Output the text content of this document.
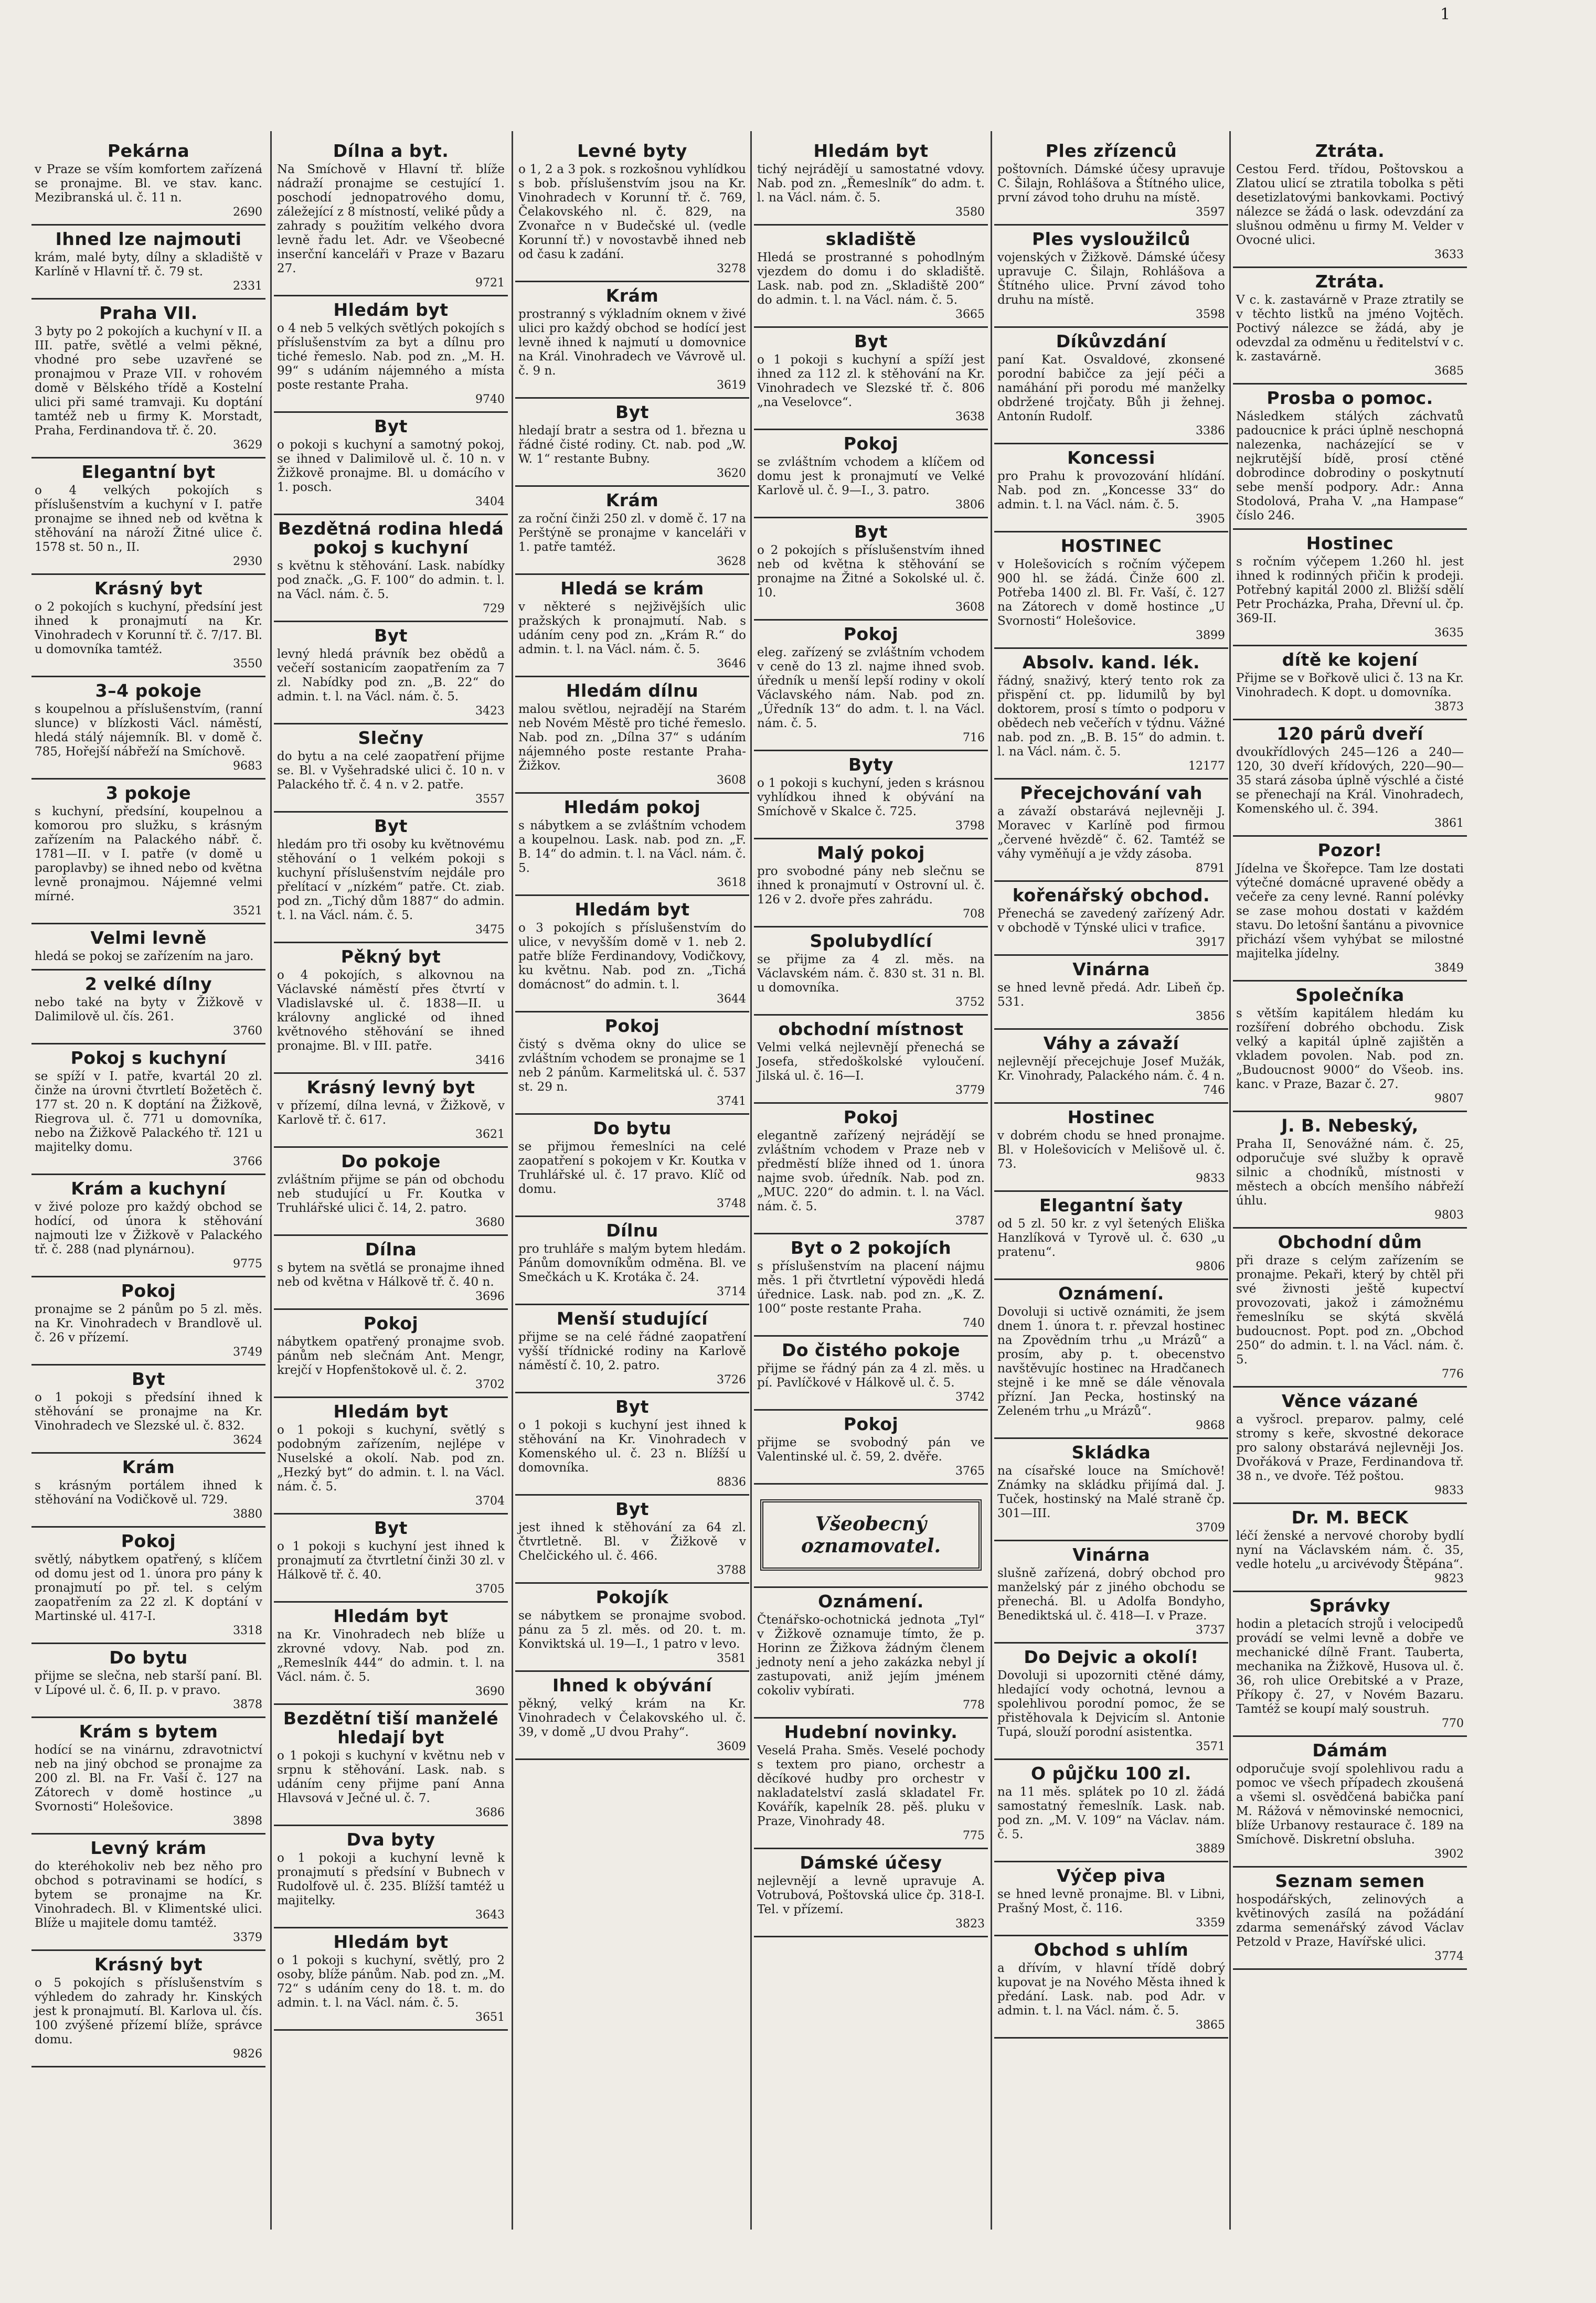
1
Pekárna

v Praze se vším komfortem zařízená se pronajme. Bl. ve stav. kanc. Mezibranská ul. č. 11 n.

2690
Ihned lze najmouti

krám, malé byty, dílny a skladiště v Karlíně v Hlavní tř. č. 79 st.

2331
Praha VII.

3 byty po 2 pokojích a kuchyní v II. a III. patře, světlé a velmi pěkné, vhodné pro sebe uzavřené se pronajmou v Praze VII. v rohovém domě v Bělského třídě a Kostelní ulici při samé tramvaji. Ku doptání tamtéž neb u firmy K. Morstadt, Praha, Ferdinandova tř. č. 20.

3629
Elegantní byt

o 4 velkých pokojích s příslušenstvím a kuchyní v I. patře pronajme se ihned neb od května k stěhování na nároží Žitné ulice č. 1578 st. 50 n., II.

2930
Krásný byt

o 2 pokojích s kuchyní, předsíní jest ihned k pronajmutí na Kr. Vinohradech v Korunní tř. č. 7/17. Bl. u domovníka tamtéž.

3550
3–4 pokoje

s koupelnou a příslušenstvím, (ranní slunce) v blízkosti Václ. náměstí, hledá stálý nájemník. Bl. v domě č. 785, Hořejší nábřeží na Smíchově.

9683
3 pokoje

s kuchyní, předsíní, koupelnou a komorou pro služku, s krásným zařízením na Palackého nábř. č. 1781—II. v I. patře (v domě u paroplavby) se ihned nebo od května levně pronajmou. Nájemné velmi mírné.

3521
Velmi levně

hledá se pokoj se zařízením na jaro.

2 velké dílny

nebo také na byty v Žižkově v Dalimilově ul. čís. 261.

3760
Pokoj s kuchyní

se spíží v I. patře, kvartál 20 zl. činže na úrovni čtvrtletí Božetěch č. 177 st. 20 n. K doptání na Žižkově, Riegrova ul. č. 771 u domovníka, nebo na Žižkově Palackého tř. 121 u majitelky domu.

3766
Krám a kuchyní

v živé poloze pro každý obchod se hodící, od února k stěhování najmouti lze v Žižkově v Palackého tř. č. 288 (nad plynárnou).

9775
Pokoj

pronajme se 2 pánům po 5 zl. měs. na Kr. Vinohradech v Brandlově ul. č. 26 v přízemí.

3749
Byt

o 1 pokoji s předsíní ihned k stěhování se pronajme na Kr. Vinohradech ve Slezské ul. č. 832.

3624
Krám

s krásným portálem ihned k stěhování na Vodičkově ul. 729.

3880
Pokoj

světlý, nábytkem opatřený, s klíčem od domu jest od 1. února pro pány k pronajmutí po př. tel. s celým zaopatřením za 22 zl. K doptání v Martinské ul. 417-I.

3318
Do bytu

přijme se slečna, neb starší paní. Bl. v Lípové ul. č. 6, II. p. v pravo.

3878
Krám s bytem

hodící se na vinárnu, zdravotnictví neb na jiný obchod se pronajme za 200 zl. Bl. na Fr. Vaší č. 127 na Zátorech v domě hostince „u Svornosti“ Holešovice.

3898
Levný krám

do kteréhokoliv neb bez něho pro obchod s potravinami se hodící, s bytem se pronajme na Kr. Vinohradech. Bl. v Klimentské ulici. Blíže u majitele domu tamtéž.

3379
Krásný byt

o 5 pokojích s příslušenstvím s výhledem do zahrady hr. Kinských jest k pronajmutí. Bl. Karlova ul. čís. 100 zvýšené přízemí blíže, správce domu.

9826
Dílna a byt.

Na Smíchově v Hlavní tř. blíže nádraží pronajme se cestující 1. poschodí jednopatrového domu, záležející z 8 místností, veliké půdy a zahrady s použitím velkého dvora levně řadu let. Adr. ve Všeobecné inserční kanceláři v Praze v Bazaru 27.

9721
Hledám byt

o 4 neb 5 velkých světlých pokojích s příslušenstvím za byt a dílnu pro tiché řemeslo. Nab. pod zn. „M. H. 99“ s udáním nájemného a místa poste restante Praha.

9740
Byt

o pokoji s kuchyní a samotný pokoj, se ihned v Dalimilově ul. č. 10 n. v Žižkově pronajme. Bl. u domácího v 1. posch.

3404
Bezdětná rodina hledá pokoj s kuchyní

s květnu k stěhování. Lask. nabídky pod značk. „G. F. 100“ do admin. t. l. na Václ. nám. č. 5.

729
Byt

levný hledá právník bez obědů a večeří sostanicím zaopatřením za 7 zl. Nabídky pod zn. „B. 22“ do admin. t. l. na Václ. nám. č. 5.

3423
Slečny

do bytu a na celé zaopatření přijme se. Bl. v Vyšehradské ulici č. 10 n. v Palackého tř. č. 4 n. v 2. patře.

3557
Byt

hledám pro tři osoby ku květnovému stěhování o 1 velkém pokoji s kuchyní příslušenstvím nejdále pro přelítací v „nízkém“ patře. Ct. ziab. pod zn. „Tichý dům 1887“ do admin. t. l. na Václ. nám. č. 5.

3475
Pěkný byt

o 4 pokojích, s alkovnou na Václavské náměstí přes čtvrtí v Vladislavské ul. č. 1838—II. u královny anglické od ihned květnového stěhování se ihned pronajme. Bl. v III. patře.

3416
Krásný levný byt

v přízemí, dílna levná, v Žižkově, v Karlově tř. č. 617.

3621
Do pokoje

zvláštním přijme se pán od obchodu neb studující u Fr. Koutka v Truhlářské ulici č. 14, 2. patro.

3680
Dílna

s bytem na světlá se pronajme ihned neb od května v Hálkově tř. č. 40 n.

3696
Pokoj

nábytkem opatřený pronajme svob. pánům neb slečnám Ant. Mengr, krejčí v Hopfenštokově ul. č. 2.

3702
Hledám byt

o 1 pokoji s kuchyní, světlý s podobným zařízením, nejlépe v Nuselské a okolí. Nab. pod zn. „Hezký byt“ do admin. t. l. na Václ. nám. č. 5.

3704
Byt

o 1 pokoji s kuchyní jest ihned k pronajmutí za čtvrtletní činži 30 zl. v Hálkově tř. č. 40.

3705
Hledám byt

na Kr. Vinohradech neb blíže u zkrovné vdovy. Nab. pod zn. „Remeslník 444“ do admin. t. l. na Václ. nám. č. 5.

3690
Bezdětní tiší manželé hledají byt

o 1 pokoji s kuchyní v květnu neb v srpnu k stěhování. Lask. nab. s udáním ceny přijme paní Anna Hlavsová v Ječné ul. č. 7.

3686
Dva byty

o 1 pokoji a kuchyní levně k pronajmutí s předsíní v Bubnech v Rudolfově ul. č. 235. Blížší tamtéž u majitelky.

3643
Hledám byt

o 1 pokoji s kuchyní, světlý, pro 2 osoby, blíže pánům. Nab. pod zn. „M. 72“ s udáním ceny do 18. t. m. do admin. t. l. na Václ. nám. č. 5.

3651
Levné byty

o 1, 2 a 3 pok. s rozkošnou vyhlídkou s bob. příslušenstvím jsou na Kr. Vinohradech v Korunní tř. č. 769, Čelakovského nl. č. 829, na Zvonařce n v Budečské ul. (vedle Korunní tř.) v novostavbě ihned neb od času k zadání.

3278
Krám

prostranný s výkladním oknem v živé ulici pro každý obchod se hodící jest levně ihned k najmutí u domovnice na Král. Vinohradech ve Vávrově ul. č. 9 n.

3619
Byt

hledají bratr a sestra od 1. března u řádné čisté rodiny. Ct. nab. pod „W. W. 1“ restante Bubny.

3620
Krám

za roční činži 250 zl. v domě č. 17 na Perštýně se pronajme v kanceláři v 1. patře tamtéž.

3628
Hledá se krám

v některé s nejživějších ulic pražských k pronajmutí. Nab. s udáním ceny pod zn. „Krám R.“ do admin. t. l. na Václ. nám. č. 5.

3646
Hledám dílnu

malou světlou, nejradějí na Starém neb Novém Městě pro tiché řemeslo. Nab. pod zn. „Dílna 37“ s udáním nájemného poste restante Praha-Žižkov.

3608
Hledám pokoj

s nábytkem a se zvláštním vchodem a koupelnou. Lask. nab. pod zn. „F. B. 14“ do admin. t. l. na Václ. nám. č. 5.

3618
Hledám byt

o 3 pokojích s příslušenstvím do ulice, v nevyšším domě v 1. neb 2. patře blíže Ferdinandovy, Vodičkovy, ku květnu. Nab. pod zn. „Tichá domácnost“ do admin. t. l.

3644
Pokoj

čistý s dvěma okny do ulice se zvláštním vchodem se pronajme se 1 neb 2 pánům. Karmelitská ul. č. 537 st. 29 n.

3741
Do bytu

se přijmou řemeslníci na celé zaopatření s pokojem v Kr. Koutka v Truhlářské ul. č. 17 pravo. Klíč od domu.

3748
Dílnu

pro truhláře s malým bytem hledám. Pánům domovníkům odměna. Bl. ve Smečkách u K. Krotáka č. 24.

3714
Menší studující

přijme se na celé řádné zaopatření vyšší třídnické rodiny na Karlově náměstí č. 10, 2. patro.

3726
Byt

o 1 pokoji s kuchyní jest ihned k stěhování na Kr. Vinohradech v Komenského ul. č. 23 n. Blížší u domovníka.

8836
Byt

jest ihned k stěhování za 64 zl. čtvrtletně. Bl. v Žižkově v Chelčického ul. č. 466.

3788
Pokojík

se nábytkem se pronajme svobod. pánu za 5 zl. měs. od 20. t. m. Konviktská ul. 19—I., 1 patro v levo.

3581
Ihned k obývání

pěkný, velký krám na Kr. Vinohradech v Čelakovského ul. č. 39, v domě „U dvou Prahy“.

3609
Hledám byt

tichý nejrádějí u samostatné vdovy. Nab. pod zn. „Řemeslník“ do adm. t. l. na Václ. nám. č. 5.

3580
skladiště

Hledá se prostranné s pohodlným vjezdem do domu i do skladiště. Lask. nab. pod zn. „Skladiště 200“ do admin. t. l. na Václ. nám. č. 5.

3665
Byt

o 1 pokoji s kuchyní a spíží jest ihned za 112 zl. k stěhování na Kr. Vinohradech ve Slezské tř. č. 806 „na Veselovce“.

3638
Pokoj

se zvláštním vchodem a klíčem od domu jest k pronajmutí ve Velké Karlově ul. č. 9—I., 3. patro.

3806
Byt

o 2 pokojích s příslušenstvím ihned neb od května k stěhování se pronajme na Žitné a Sokolské ul. č. 10.

3608
Pokoj

eleg. zařízený se zvláštním vchodem v ceně do 13 zl. najme ihned svob. úředník u menší lepší rodiny v okolí Václavského nám. Nab. pod zn. „Úředník 13“ do adm. t. l. na Václ. nám. č. 5.

716
Byty

o 1 pokoji s kuchyní, jeden s krásnou vyhlídkou ihned k obývání na Smíchově v Skalce č. 725.

3798
Malý pokoj

pro svobodné pány neb slečnu se ihned k pronajmutí v Ostrovní ul. č. 126 v 2. dvoře přes zahrádu.

708
Spolubydlící

se přijme za 4 zl. měs. na Václavském nám. č. 830 st. 31 n. Bl. u domovníka.

3752
obchodní místnost

Velmi velká nejlevnějí přenechá se Josefa, středoškolské vyloučení. Jilská ul. č. 16—I.

3779
Pokoj

elegantně zařízený nejrádějí se zvláštním vchodem v Praze neb v předměstí blíže ihned od 1. února najme svob. úředník. Nab. pod zn. „MUC. 220“ do admin. t. l. na Václ. nám. č. 5.

3787
Byt o 2 pokojích

s příslušenstvím na placení nájmu měs. 1 při čtvrtletní výpovědi hledá úřednice. Lask. nab. pod zn. „K. Z. 100“ poste restante Praha.

740
Do čistého pokoje

přijme se řádný pán za 4 zl. měs. u pí. Pavlíčkové v Hálkově ul. č. 5.

3742
Pokoj

přijme se svobodný pán ve Valentinské ul. č. 59, 2. dvěře.

3765
Všeobecný oznamovatel.
Oznámení.

Čtenářsko-ochotnická jednota „Tyl“ v Žižkově oznamuje tímto, že p. Horinn ze Žižkova žádným členem jednoty není a jeho zakázka nebyl jí zastupovati, aniž jejím jménem cokoliv vybírati.

778
Hudební novinky.

Veselá Praha. Směs. Veselé pochody s textem pro piano, orchestr a děcíkové hudby pro orchestr v nakladatelství zaslá skladatel Fr. Kovářík, kapelník 28. pěš. pluku v Praze, Vinohrady 48.

775
Dámské účesy

nejlevnějí a levně upravuje A. Votrubová, Poštovská ulice čp. 318-I. Tel. v přízemí.

3823
Ples zřízenců

poštovních. Dámské účesy upravuje C. Šilajn, Rohlášova a Štítného ulice, první závod toho druhu na místě.

3597
Ples vysloužilců

vojenských v Žižkově. Dámské účesy upravuje C. Šilajn, Rohlášova a Štítného ulice. První závod toho druhu na místě.

3598
Díkůvzdání

paní Kat. Osvaldové, zkonsené porodní babičce za její péči a namáhání při porodu mé manželky obdržené trojčaty. Bůh ji žehnej. Antonín Rudolf.

3386
Koncessi

pro Prahu k provozování hlídání. Nab. pod zn. „Koncesse 33“ do admin. t. l. na Václ. nám. č. 5.

3905
HOSTINEC

v Holešovicích s ročním výčepem 900 hl. se žádá. Činže 600 zl. Potřeba 1400 zl. Bl. Fr. Vaší, č. 127 na Zátorech v domě hostince „U Svornosti“ Holešovice.

3899
Absolv. kand. lék.

řádný, snaživý, který tento rok za přispění ct. pp. lidumilů by byl doktorem, prosí s tímto o podporu v obědech neb večeřích v týdnu. Vážné nab. pod zn. „B. B. 15“ do admin. t. l. na Václ. nám. č. 5.

12177
Přecejchování vah

a závaží obstarává nejlevněji J. Moraveс v Karlíně pod firmou „červené hvězdě“ č. 62. Tamtéž se váhy vyměňují a je vždy zásoba.

8791
kořenářský obchod.

Přenechá se zavedený zařízený Adr. v obchodě v Týnské ulici v trafice.

3917
Vinárna

se hned levně předá. Adr. Libeň čp. 531.

3856
Váhy a závaží

nejlevnějí přecejchuje Josef Mužák, Kr. Vinohrady, Palackého nám. č. 4 n.

746
Hostinec

v dobrém chodu se hned pronajme. Bl. v Holešovicích v Melišově ul. č. 73.

9833
Elegantní šaty

od 5 zl. 50 kr. z vyl šetených Eliška Hanzlíková v Tyrově ul. č. 630 „u pratenu“.

9806
Oznámení.

Dovoluji si uctivě oznámiti, že jsem dnem 1. února t. r. převzal hostinec na Zpovědním trhu „u Mrázů“ a prosím, aby p. t. obecenstvo navštěvujíc hostinec na Hradčanech stejně i ke mně se dále věnovala přízní. Jan Pecka, hostinský na Zeleném trhu „u Mrázů“.

9868
Skládka

na císařské louce na Smíchově! Známky na skládku přijímá dal. J. Tuček, hostinský na Malé straně čp. 301—III.

3709
Vinárna

slušně zařízená, dobrý obchod pro manželský pár z jiného obchodu se přenechá. Bl. u Adolfa Bondyho, Benediktská ul. č. 418—I. v Praze.

3737
Do Dejvic a okolí!

Dovoluji si upozorniti ctěné dámy, hledající vody ochotná, levnou a spolehlivou porodní pomoc, že se přistěhovala k Dejvicím sl. Antonie Tupá, slouží porodní asistentka.

3571
O půjčku 100 zl.

na 11 měs. splátek po 10 zl. žádá samostatný řemeslník. Lask. nab. pod zn. „M. V. 109“ na Václav. nám. č. 5.

3889
Výčep piva

se hned levně pronajme. Bl. v Libni, Prašný Most, č. 116.

3359
Obchod s uhlím

a dřívím, v hlavní třídě dobrý kupovat je na Nového Města ihned k předání. Lask. nab. pod Adr. v admin. t. l. na Václ. nám. č. 5.

3865
Ztráta.

Cestou Ferd. třídou, Poštovskou a Zlatou ulicí se ztratila tobolka s pěti desetizlatovými bankovkami. Poctivý nálezce se žádá o lask. odevzdání za slušnou odměnu u firmy M. Velder v Ovocné ulici.

3633
Ztráta.

V c. k. zastavárně v Praze ztratily se v těchto listků na jméno Vojtěch. Poctivý nálezce se žádá, aby je odevzdal za odměnu u ředitelství v c. k. zastavárně.

3685
Prosba o pomoc.

Následkem stálých záchvatů padoucnice k práci úplně neschopná nalezenka, nacházející se v nejkrutější bídě, prosí ctěné dobrodince dobrodiny o poskytnutí sebe menší podpory. Adr.: Anna Stodolová, Praha V. „na Hampase“ číslo 246.

Hostinec

s ročním výčepem 1.260 hl. jest ihned k rodinných přičin k prodeji. Potřebný kapitál 2000 zl. Bližší sdělí Petr Procházka, Praha, Dřevní ul. čp. 369-II.

3635
dítě ke kojení

Přijme se v Bořkově ulici č. 13 na Kr. Vinohradech. K dopt. u domovníka.

3873
120 párů dveří

dvoukřídlových 245—126 a 240—120, 30 dveří křídových, 220—90—35 stará zásoba úplně výschlé a čisté se přenechají na Král. Vinohradech, Komenského ul. č. 394.

3861
Pozor!

Jídelna ve Škořepce. Tam lze dostati výtečné domácné upravené obědy a večeře za ceny levné. Ranní polévky se zase mohou dostati v každém stavu. Do letošní šantánu a pivovnice přichází všem vyhýbat se milostné majitelka jídelny.

3849
Společníka

s větším kapitálem hledám ku rozšíření dobrého obchodu. Zisk velký a kapitál úplně zajištěn a vkladem povolen. Nab. pod zn. „Budoucnost 9000“ do Všeob. ins. kanc. v Praze, Bazar č. 27.

9807
J. B. Nebeský,

Praha II, Senovážné nám. č. 25, odporučuje své služby k opravě silnic a chodníků, místnosti v městech a obcích menšího nábřeží úhlu.

9803
Obchodní dům

při draze s celým zařízením se pronajme. Pekaři, který by chtěl při své živnosti ještě kupectví provozovati, jakož i zámožnému řemeslníku se skýtá skvělá budoucnost. Popt. pod zn. „Obchod 250“ do admin. t. l. na Václ. nám. č. 5.

776
Věnce vázané

a vyšrocl. preparov. palmy, celé stromy s keře, skvostné dekorace pro salony obstarává nejlevněji Jos. Dvořáková v Praze, Ferdinandova tř. 38 n., ve dvoře. Též poštou.

9833
Dr. M. BECK

léčí ženské a nervové choroby bydlí nyní na Václavském nám. č. 35, vedle hotelu „u arcivévody Štěpána“.

9823
Správky

hodin a pletacích strojů i velocipedů provádí se velmi levně a dobře ve mechanické dílně Frant. Tauberta, mechanika na Žižkově, Husova ul. č. 36, roh ulice Orebitské a v Praze, Příkopy č. 27, v Novém Bazaru. Tamtéž se koupí malý soustruh.

770
Dámám

odporučuje svojí spolehlivou radu a pomoc ve všech případech zkoušená a všemi sl. osvědčená babička paní M. Rážová v němovinské nemocnici, blíže Urbanovy restaurace č. 189 na Smíchově. Diskretní obsluha.

3902
Seznam semen

hospodářských, zelinových a květinových zasílá na požádání zdarma semenářský závod Václav Petzold v Praze, Havířské ulici.

3774
